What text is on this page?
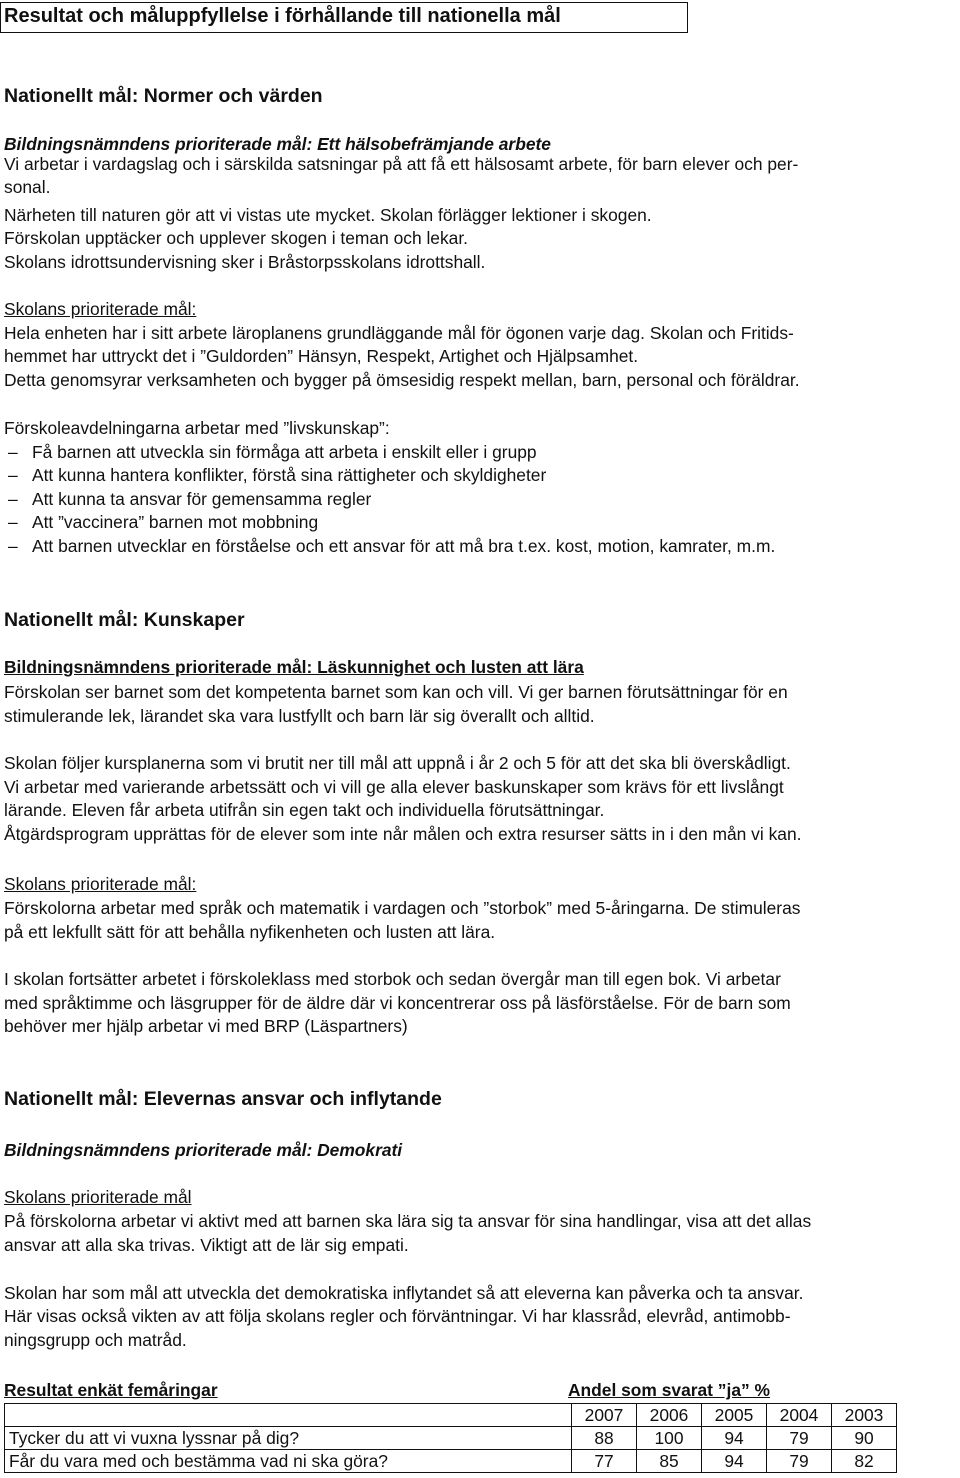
Resultat och måluppfyllelse i förhållande till nationella mål
Nationellt mål: Normer och värden
Bildningsnämndens prioriterade mål: Ett hälsobefrämjande arbete
Vi arbetar i vardagslag och i särskilda satsningar på att få ett hälsosamt arbete, för barn elever och per-
sonal.
Närheten till naturen gör att vi vistas ute mycket. Skolan förlägger lektioner i skogen.
Förskolan upptäcker och upplever skogen i teman och lekar.
Skolans idrottsundervisning sker i Bråstorpsskolans idrottshall.
Skolans prioriterade mål:
Hela enheten har i sitt arbete läroplanens grundläggande mål för ögonen varje dag. Skolan och Fritids-
hemmet har uttryckt det i ”Guldorden” Hänsyn, Respekt, Artighet och Hjälpsamhet.
Detta genomsyrar verksamheten och bygger på ömsesidig respekt mellan, barn, personal och föräldrar.
Förskoleavdelningarna arbetar med ”livskunskap”:
– Få barnen att utveckla sin förmåga att arbeta i enskilt eller i grupp
– Att kunna hantera konflikter, förstå sina rättigheter och skyldigheter
– Att kunna ta ansvar för gemensamma regler
– Att ”vaccinera” barnen mot mobbning
– Att barnen utvecklar en förståelse och ett ansvar för att må bra t.ex. kost, motion, kamrater, m.m.
Nationellt mål: Kunskaper
Bildningsnämndens prioriterade mål: Läskunnighet och lusten att lära
Förskolan ser barnet som det kompetenta barnet som kan och vill. Vi ger barnen förutsättningar för en
stimulerande lek, lärandet ska vara lustfyllt och barn lär sig överallt och alltid.
Skolan följer kursplanerna som vi brutit ner till mål att uppnå i år 2 och 5 för att det ska bli överskådligt.
Vi arbetar med varierande arbetssätt och vi vill ge alla elever baskunskaper som krävs för ett livslångt
lärande. Eleven får arbeta utifrån sin egen takt och individuella förutsättningar.
Åtgärdsprogram upprättas för de elever som inte når målen och extra resurser sätts in i den mån vi kan.
Skolans prioriterade mål:
Förskolorna arbetar med språk och matematik i vardagen och ”storbok” med 5-åringarna. De stimuleras
på ett lekfullt sätt för att behålla nyfikenheten och lusten att lära.
I skolan fortsätter arbetet i förskoleklass med storbok och sedan övergår man till egen bok. Vi arbetar
med språktimme och läsgrupper för de äldre där vi koncentrerar oss på läsförståelse. För de barn som
behöver mer hjälp arbetar vi med BRP (Läspartners)
Nationellt mål: Elevernas ansvar och inflytande
Bildningsnämndens prioriterade mål: Demokrati
Skolans prioriterade mål
På förskolorna arbetar vi aktivt med att barnen ska lära sig ta ansvar för sina handlingar, visa att det allas
ansvar att alla ska trivas. Viktigt att de lär sig empati.
Skolan har som mål att utveckla det demokratiska inflytandet så att eleverna kan påverka och ta ansvar.
Här visas också vikten av att följa skolans regler och förväntningar. Vi har klassråd, elevråd, antimobb-
ningsgrupp och matråd.
Resultat enkät femåringar	Andel som svarat ”ja” %
	2007	2006	2005	2004	2003
Tycker du att vi vuxna lyssnar på dig?	88	100	94	79	90
Får du vara med och bestämma vad ni ska göra?	77	85	94	79	82
